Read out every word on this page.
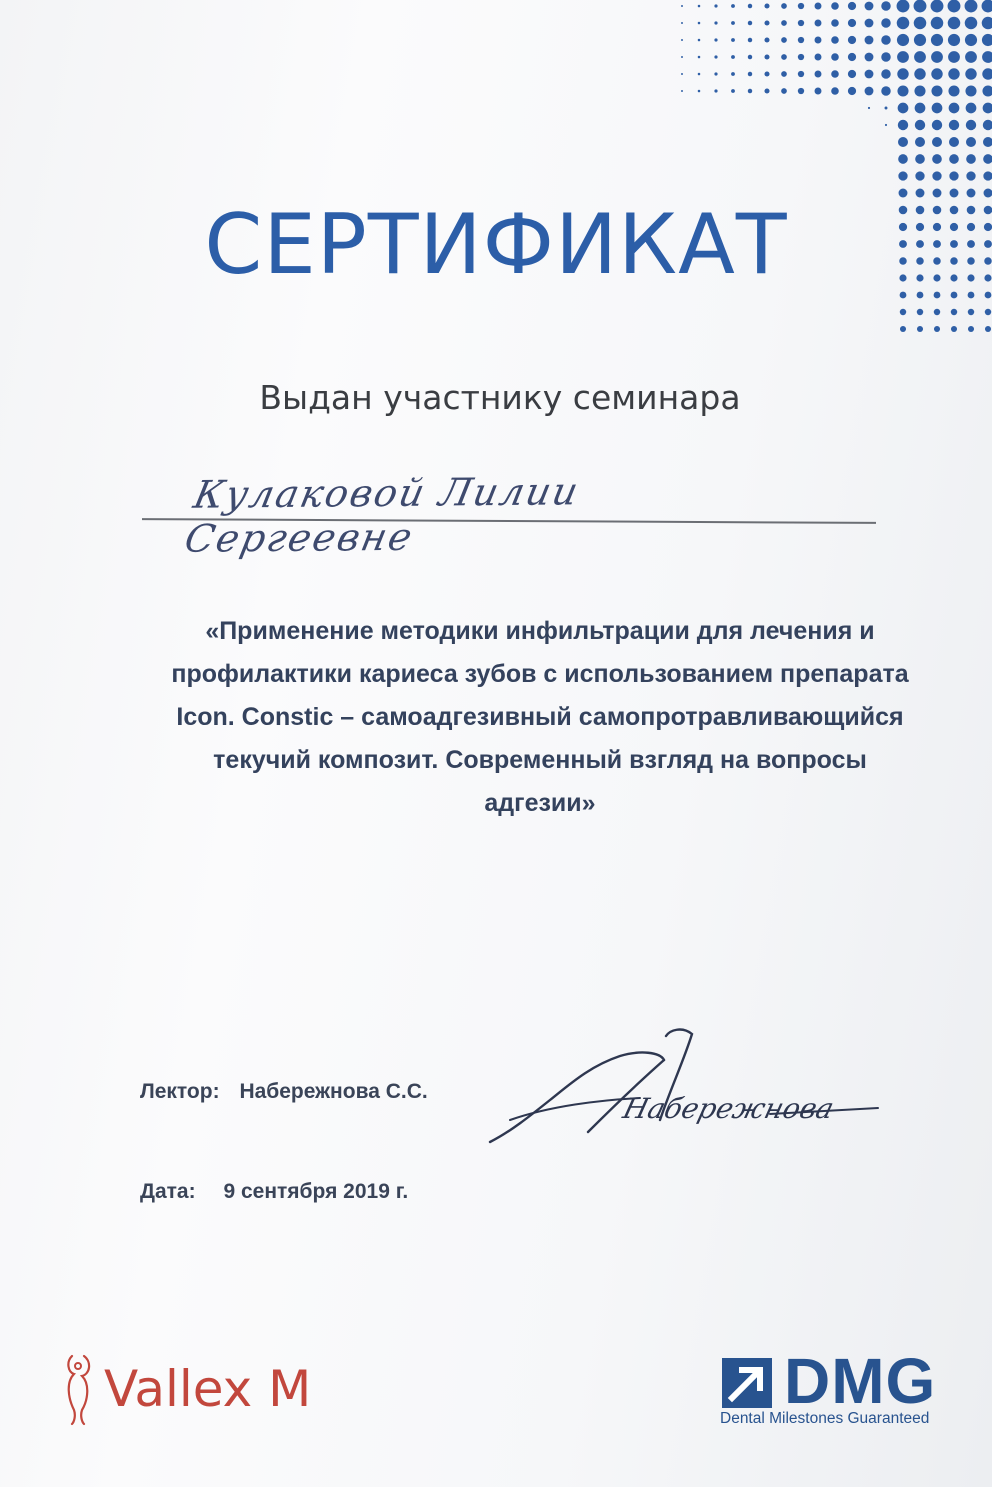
СЕРТИФИКАТ
Выдан участнику семинара
Кулаковой Лилии Сергеевне
«Применение методики инфильтрации для лечения и
профилактики кариеса зубов с использованием препарата
Icon. Constic – самоадгезивный самопротравливающийся
текучий композит. Современный взгляд на вопросы
адгезии»
Лектор: Набережнова С.С.
Набережнова
Дата: 9 сентября 2019 г.
Vallex M	DMG
Dental Milestones Guaranteed
